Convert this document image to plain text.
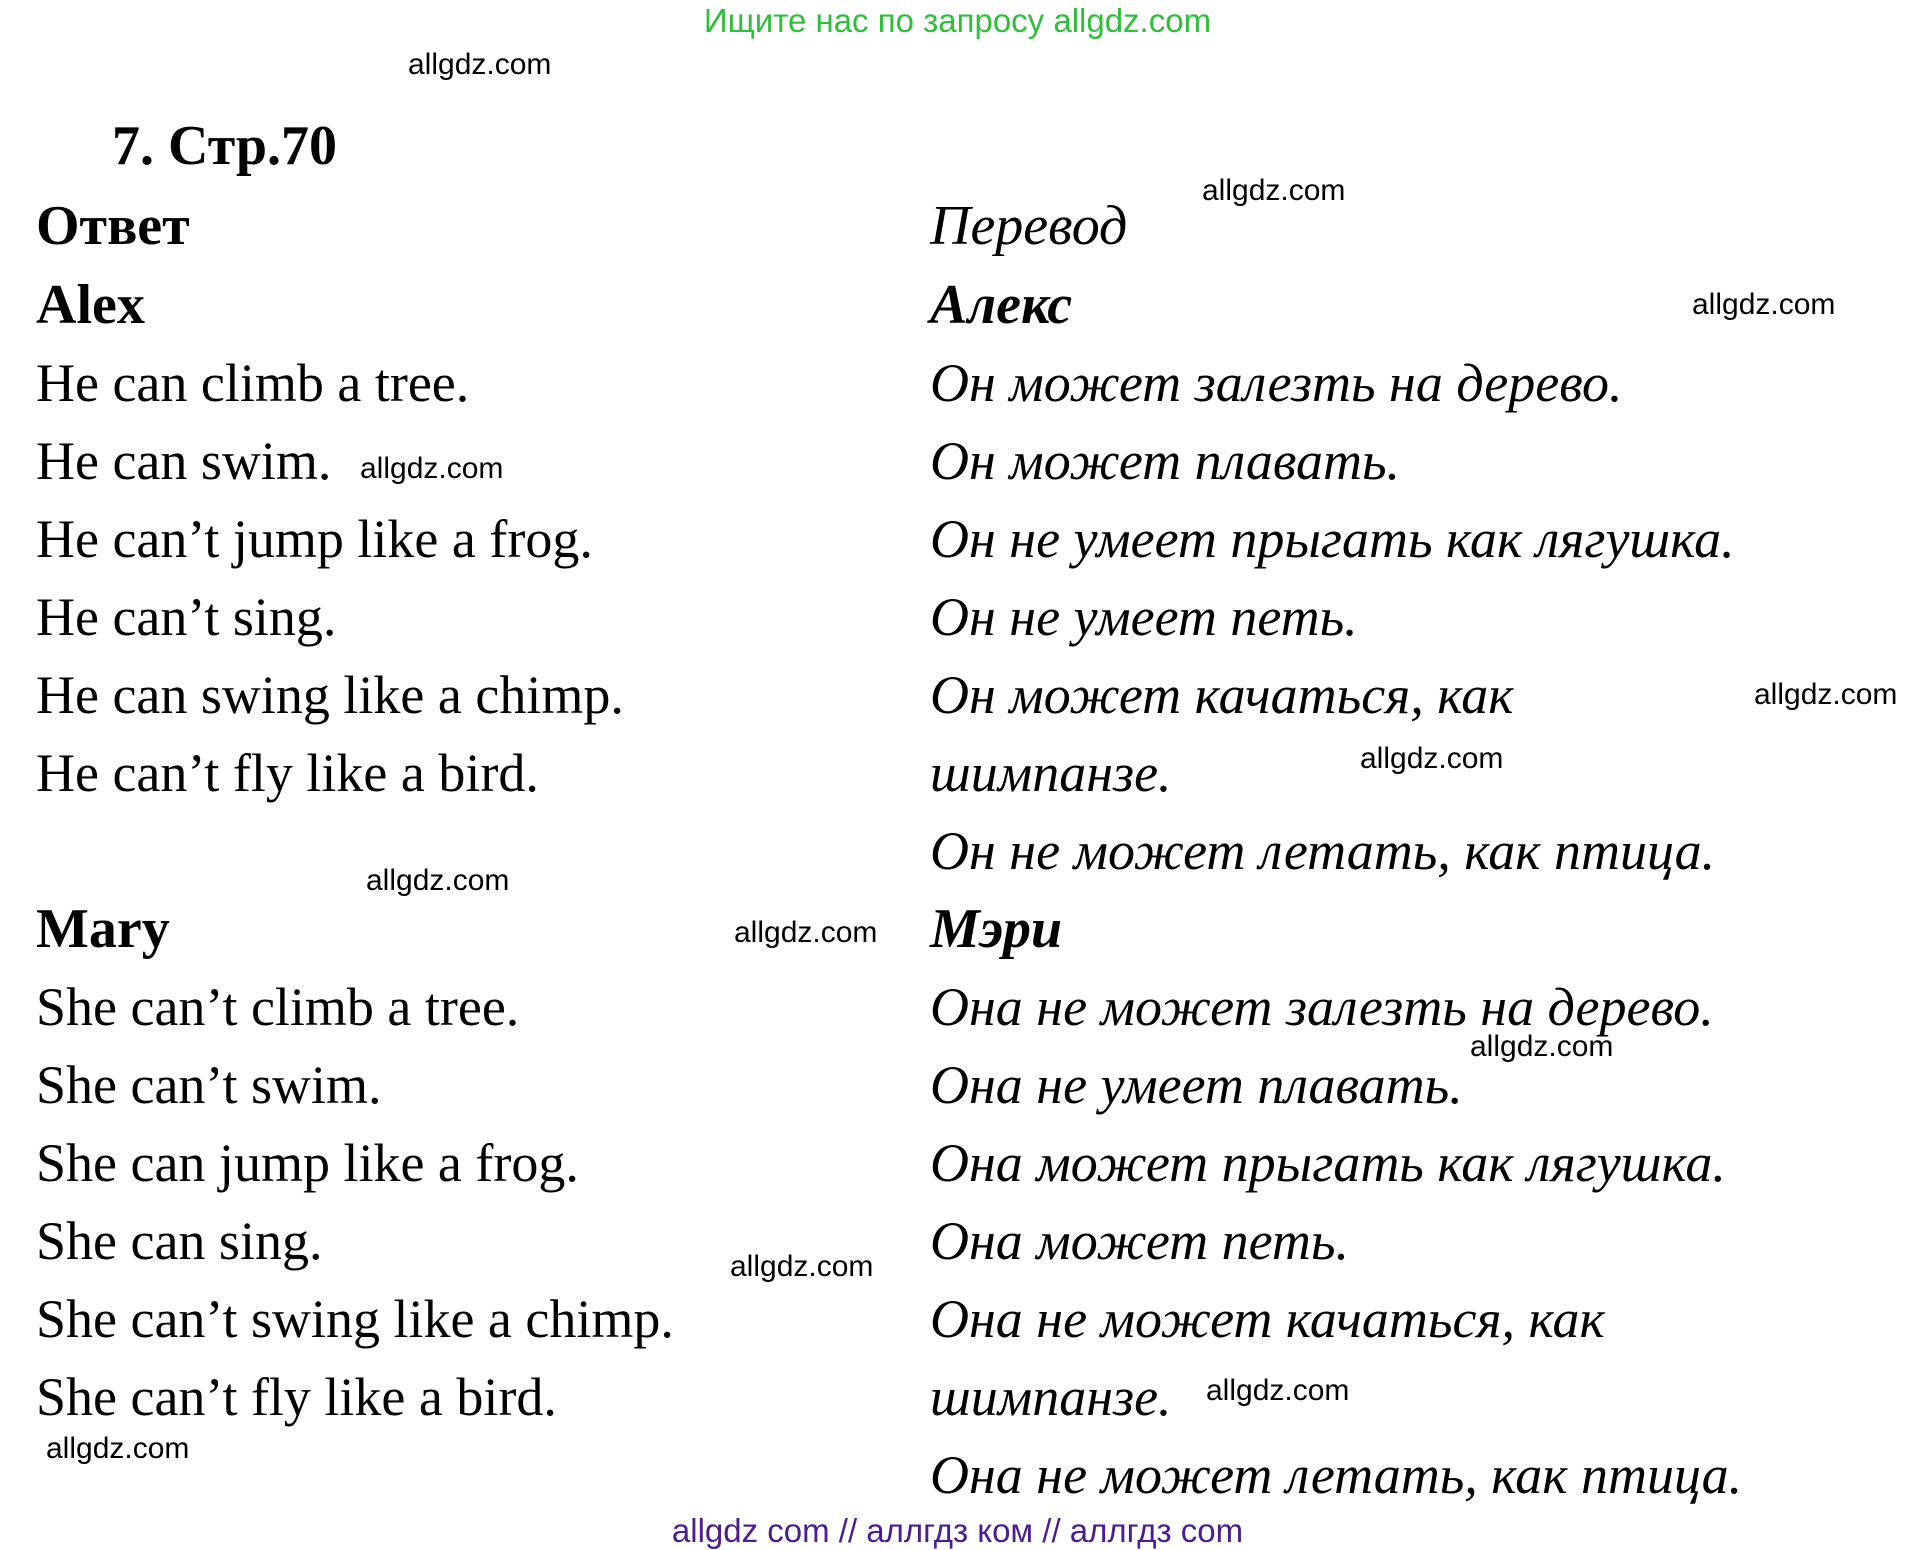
Ищите нас по запросу allgdz.com
7. Стр.70
Ответ	Перевод
Alex
He can climb a tree.
He can swim.
He can’t jump like a frog.
He can’t sing.
He can swing like a chimp.
He can’t fly like a bird.
Алекс
Он может залезть на дерево.
Он может плавать.
Он не умеет прыгать как лягушка.
Он не умеет петь.
Он может качаться, как
шимпанзе.
Он не может летать, как птица.
Mary
She can’t climb a tree.
She can’t swim.
She can jump like a frog.
She can sing.
She can’t swing like a chimp.
She can’t fly like a bird.
Мэри
Она не может залезть на дерево.
Она не умеет плавать.
Она может прыгать как лягушка.
Она может петь.
Она не может качаться, как
шимпанзе.
Она не может летать, как птица.
allgdz.com
allgdz.com
allgdz.com
allgdz.com
allgdz.com
allgdz.com
allgdz.com
allgdz.com
allgdz.com
allgdz.com
allgdz.com
allgdz.com
allgdz com // аллгдз ком // аллгдз com
